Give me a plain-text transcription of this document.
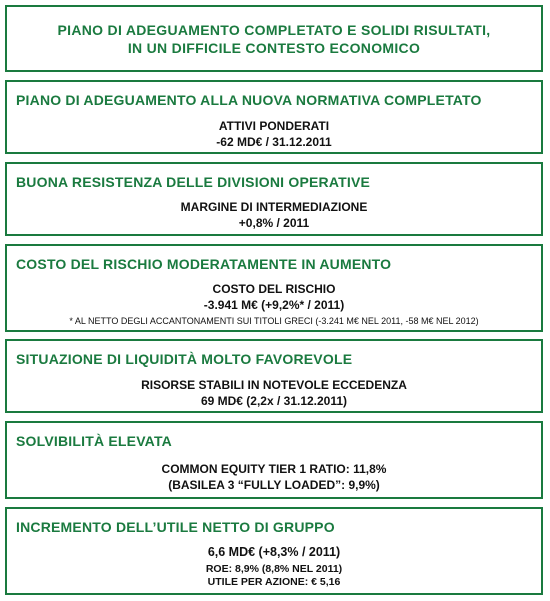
PIANO DI ADEGUAMENTO COMPLETATO E SOLIDI RISULTATI,
IN UN DIFFICILE CONTESTO ECONOMICO
PIANO DI ADEGUAMENTO ALLA NUOVA NORMATIVA COMPLETATO
ATTIVI PONDERATI
-62 MD€ / 31.12.2011
BUONA RESISTENZA DELLE DIVISIONI OPERATIVE
MARGINE DI INTERMEDIAZIONE
+0,8% / 2011
COSTO DEL RISCHIO MODERATAMENTE IN AUMENTO
COSTO DEL RISCHIO
-3.941 M€ (+9,2%* / 2011)
* AL NETTO DEGLI ACCANTONAMENTI SUI TITOLI GRECI (-3.241 M€ NEL 2011, -58 M€ NEL 2012)
SITUAZIONE DI LIQUIDITÀ MOLTO FAVOREVOLE
RISORSE STABILI IN NOTEVOLE ECCEDENZA
69 MD€ (2,2x / 31.12.2011)
SOLVIBILITÀ ELEVATA
COMMON EQUITY TIER 1 RATIO: 11,8%
(BASILEA 3 “FULLY LOADED”: 9,9%)
INCREMENTO DELL’UTILE NETTO DI GRUPPO
6,6 MD€ (+8,3% / 2011)
ROE: 8,9% (8,8% NEL 2011)
UTILE PER AZIONE: € 5,16
